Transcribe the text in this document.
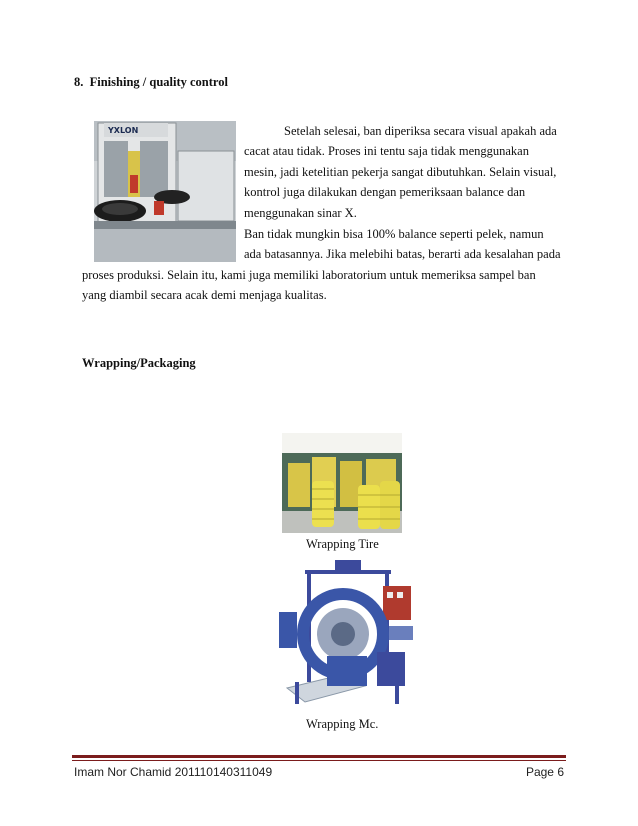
8. Finishing / quality control
YXLON	Setelah selesai, ban diperiksa secara visual apakah ada
cacat atau tidak. Proses ini tentu saja tidak menggunakan
mesin, jadi ketelitian pekerja sangat dibutuhkan. Selain visual,
kontrol juga dilakukan dengan pemeriksaan balance dan
menggunakan sinar X.
Ban tidak mungkin bisa 100% balance seperti pelek, namun
ada batasannya. Jika melebihi batas, berarti ada kesalahan pada
proses produksi. Selain itu, kami juga memiliki laboratorium untuk memeriksa sampel ban
yang diambil secara acak demi menjaga kualitas.
Wrapping/Packaging
Wrapping Tire
Wrapping Mc.
Imam Nor Chamid 201110140311049	Page 6
